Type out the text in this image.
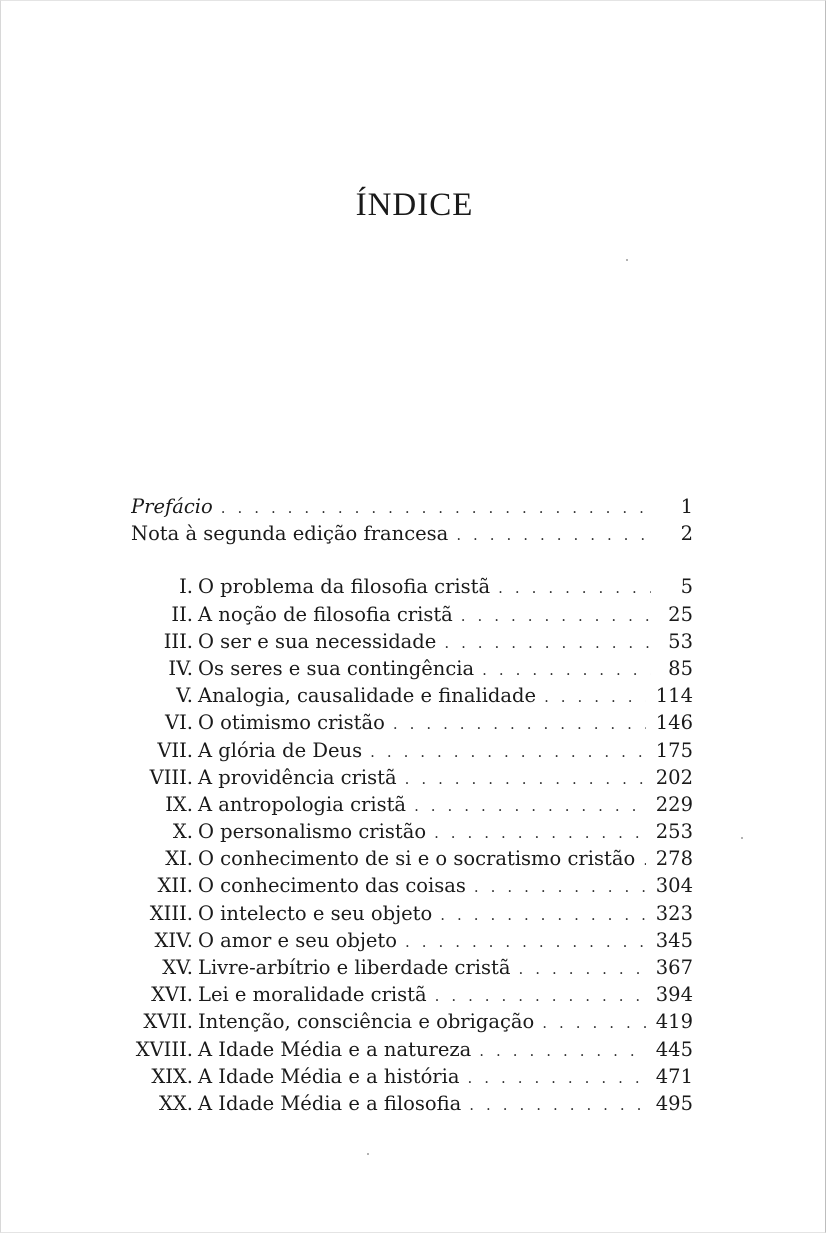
ÍNDICE
Prefácio . . .	1
Nota à segunda edição francesa . . .	2
I. O problema da filosofia cristã . . .	5
II. A noção de filosofia cristã . . .	25
III. O ser e sua necessidade . . .	53
IV. Os seres e sua contingência . . .	85
V. Analogia, causalidade e finalidade . . .	114
VI. O otimismo cristão . . .	146
VII. A glória de Deus . . .	175
VIII. A providência cristã . . .	202
IX. A antropologia cristã . . .	229
X. O personalismo cristão . . .	253
XI. O conhecimento de si e o socratismo cristão . . . 278
XII. O conhecimento das coisas . . .	304
XIII. O intelecto e seu objeto . . .	323
XIV. O amor e seu objeto . . .	345
XV. Livre-arbítrio e liberdade cristã . . .	367
XVI. Lei e moralidade cristã . . .	394
XVII. Intenção, consciência e obrigação . . .	419
XVIII. A Idade Média e a natureza . . .	445
XIX. A Idade Média e a história . . .	471
XX. A Idade Média e a filosofia . . .	495
